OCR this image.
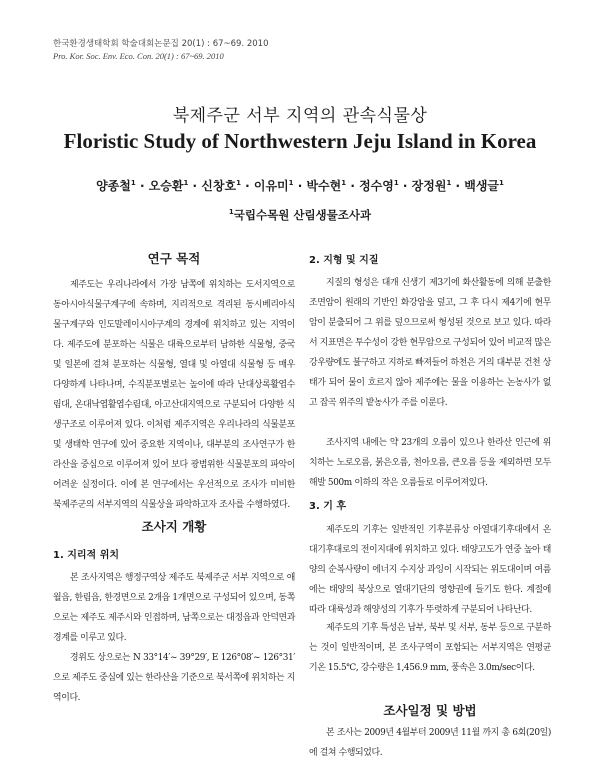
한국환경생태학회 학술대회논문집 20(1) : 67~69. 2010
Pro. Kor. Soc. Env. Eco. Con. 20(1) : 67~69. 2010
북제주군 서부 지역의 관속식물상
Floristic Study of Northwestern Jeju Island in Korea
양종철$^1$ · 오승환$^1$ · 신창호$^1$ · 이유미$^1$ · 박수현$^1$ · 정수영$^1$ · 장정원$^1$ · 백생글$^1$
$^1$국립수목원 산림생물조사과
연구 목적
제주도는 우리나라에서 가장 남쪽에 위치하는 도서지역으로 동아시아식물구계구에 속하며, 지리적으로 격리된 동시베리아식물구계구와 인도말레이시아구계의 경계에 위치하고 있는 지역이다. 제주도에 분포하는 식물은 대륙으로부터 남하한 식물형, 중국 및 일본에 걸쳐 분포하는 식물형, 열대 및 아열대 식물형 등 매우 다양하게 나타나며, 수직분포별로는 높이에 따라 난대상록활엽수림대, 온대낙엽활엽수림대, 아고산대지역으로 구분되어 다양한 식생구조로 이루어져 있다. 이처럼 제주지역은 우리나라의 식물분포 및 생태학 연구에 있어 중요한 지역이나, 대부분의 조사연구가 한라산을 중심으로 이루어져 있어 보다 광범위한 식물분포의 파악이 어려운 실정이다. 이에 본 연구에서는 우선적으로 조사가 미비한 북제주군의 서부지역의 식물상을 파악하고자 조사를 수행하였다.
조사지 개황
1. 지리적 위치
본 조사지역은 행정구역상 제주도 북제주군 서부 지역으로 애월읍, 한림읍, 한경면으로 2개읍 1개면으로 구성되어 있으며, 동쪽으로는 제주도 제주시와 인접하며, 남쪽으로는 대정읍과 안덕면과 경계를 이루고 있다.
경위도 상으로는 N 33°14′~ 39°29′, E 126°08′~ 126°31′으로 제주도 중심에 있는 한라산을 기준으로 북서쪽에 위치하는 지역이다.
2. 지형 및 지질
지질의 형성은 대개 신생기 제3기에 화산활동에 의해 분출한 조면암이 원래의 기반인 화강암을 덮고, 그 후 다시 제4기에 현무암이 분출되어 그 위를 덮으므로써 형성된 것으로 보고 있다. 따라서 지표면은 투수성이 강한 현무암으로 구성되어 있어 비교적 많은 강우량에도 불구하고 지하로 빠져들어 하천은 거의 대부분 건천 상태가 되어 물이 흐르지 않아 제주에는 물을 이용하는 논농사가 없고 잡곡 위주의 밭농사가 주를 이룬다.
조사지역 내에는 약 23개의 오름이 있으나 한라산 인근에 위치하는 노로오름, 붉은오름, 천아오름, 큰오름 등을 제외하면 모두 해발 500m 이하의 작은 오름들로 이루어져있다.
3. 기 후
제주도의 기후는 일반적인 기후분류상 아열대기후대에서 온대기후대로의 전이지대에 위치하고 있다. 태양고도가 연중 높아 태양의 순복사량이 에너지 수지상 과잉이 시작되는 위도대이며 여름에는 태양의 북상으로 열대기단의 영향권에 들기도 한다. 계절에 따라 대륙성과 해양성의 기후가 뚜렷하게 구분되어 나타난다.
제주도의 기후 특성은 남부, 북부 및 서부, 동부 등으로 구분하는 것이 일반적이며, 본 조사구역이 포함되는 서부지역은 연평균 기온 15.5℃, 강수량은 1,456.9 mm, 풍속은 3.0m/sec이다.
조사일정 및 방법
본 조사는 2009년 4월부터 2009년 11월 까지 총 6회(20일)에 걸쳐 수행되었다.
